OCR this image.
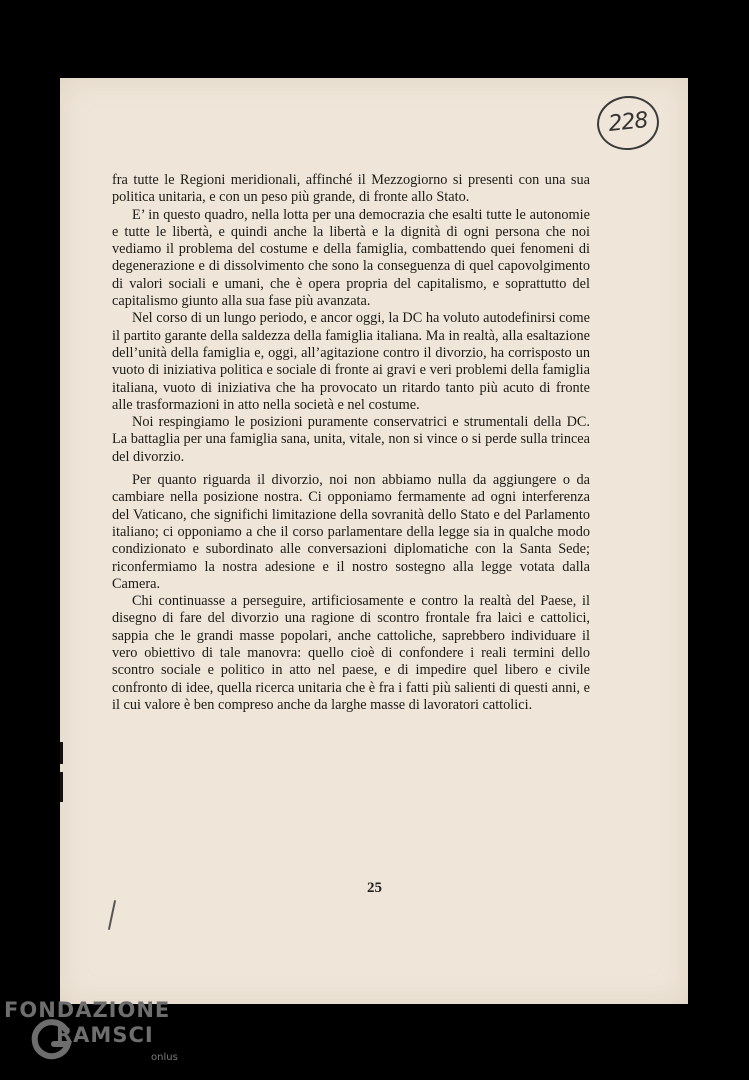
228

fra tutte le Regioni meridionali, affinché il Mezzogiorno si presenti con una sua politica unitaria, e con un peso più grande, di fronte allo Stato.

E’ in questo quadro, nella lotta per una democrazia che esalti tutte le autonomie e tutte le libertà, e quindi anche la libertà e la dignità di ogni persona che noi vediamo il problema del costume e della famiglia, combattendo quei fenomeni di degenerazione e di dissolvimento che sono la conseguenza di quel capovolgimento di valori sociali e umani, che è opera propria del capitalismo, e soprattutto del capitalismo giunto alla sua fase più avanzata.

Nel corso di un lungo periodo, e ancor oggi, la DC ha voluto autodefinirsi come il partito garante della saldezza della famiglia italiana. Ma in realtà, alla esaltazione dell’unità della famiglia e, oggi, all’agitazione contro il divorzio, ha corrisposto un vuoto di iniziativa politica e sociale di fronte ai gravi e veri problemi della famiglia italiana, vuoto di iniziativa che ha provocato un ritardo tanto più acuto di fronte alle trasformazioni in atto nella società e nel costume.

Noi respingiamo le posizioni puramente conservatrici e strumentali della DC. La battaglia per una famiglia sana, unita, vitale, non si vince o si perde sulla trincea del divorzio.

Per quanto riguarda il divorzio, noi non abbiamo nulla da aggiungere o da cambiare nella posizione nostra. Ci opponiamo fermamente ad ogni interferenza del Vaticano, che significhi limitazione della sovranità dello Stato e del Parlamento italiano; ci opponiamo a che il corso parlamentare della legge sia in qualche modo condizionato e subordinato alle conversazioni diplomatiche con la Santa Sede; riconfermiamo la nostra adesione e il nostro sostegno alla legge votata dalla Camera.

Chi continuasse a perseguire, artificiosamente e contro la realtà del Paese, il disegno di fare del divorzio una ragione di scontro frontale fra laici e cattolici, sappia che le grandi masse popolari, anche cattoliche, saprebbero individuare il vero obiettivo di tale manovra: quello cioè di confondere i reali termini dello scontro sociale e politico in atto nel paese, e di impedire quel libero e civile confronto di idee, quella ricerca unitaria che è fra i fatti più salienti di questi anni, e il cui valore è ben compreso anche da larghe masse di lavoratori cattolici.

25
FONDAZIONE
RAMSCI
onlus
